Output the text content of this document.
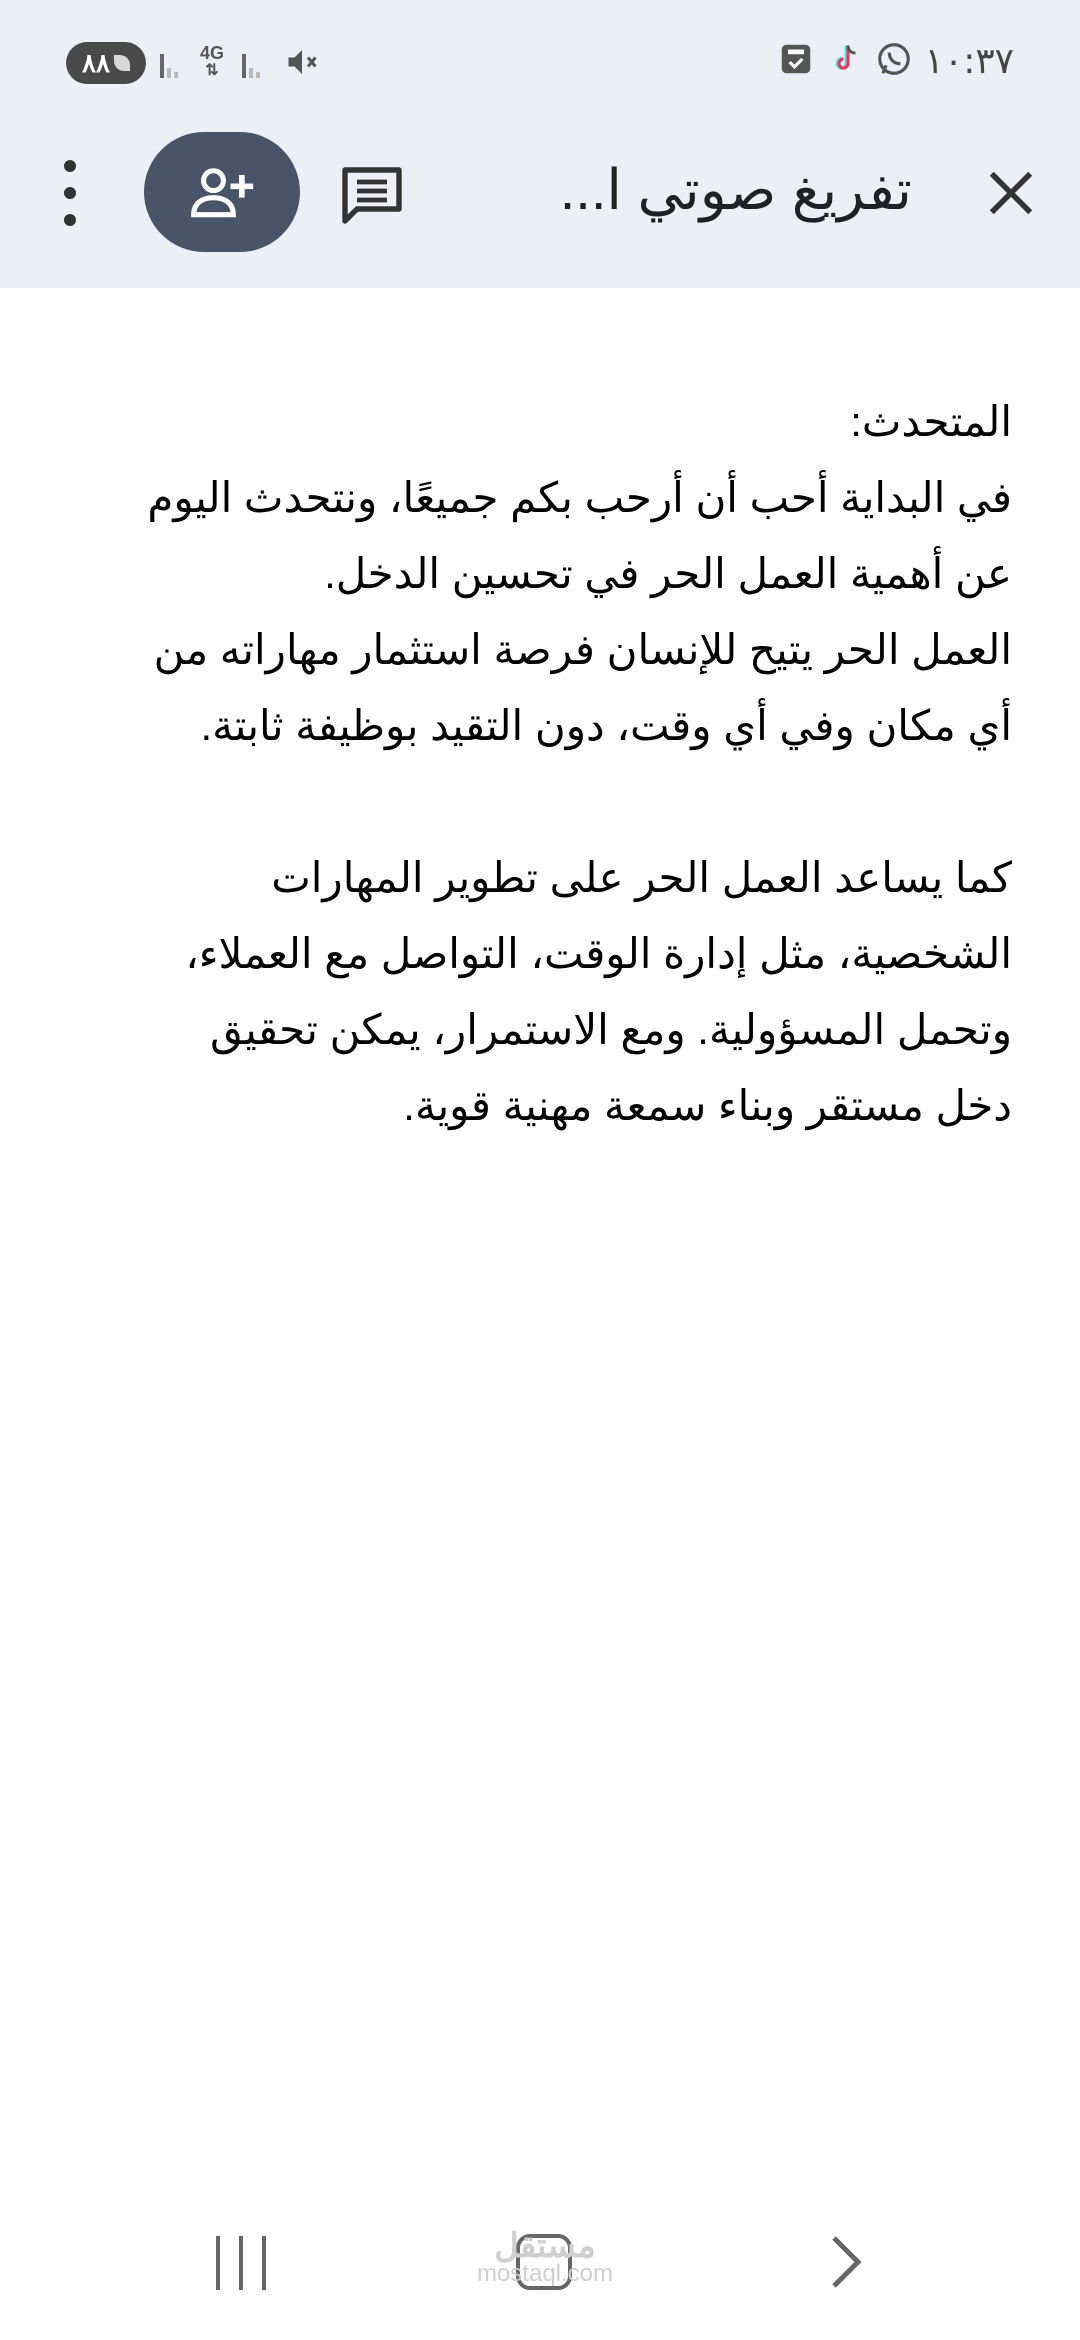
٨٨	4G
⇅	١٠:٣٧
تفريغ صوتي ا...

المتحدث:
في البداية أحب أن أرحب بكم جميعًا، ونتحدث اليوم
عن أهمية العمل الحر في تحسين الدخل.
العمل الحر يتيح للإنسان فرصة استثمار مهاراته من
أي مكان وفي أي وقت، دون التقيد بوظيفة ثابتة.

كما يساعد العمل الحر على تطوير المهارات
الشخصية، مثل إدارة الوقت، التواصل مع العملاء،
وتحمل المسؤولية. ومع الاستمرار، يمكن تحقيق
دخل مستقر وبناء سمعة مهنية قوية.

مستقل
mostaql.com
